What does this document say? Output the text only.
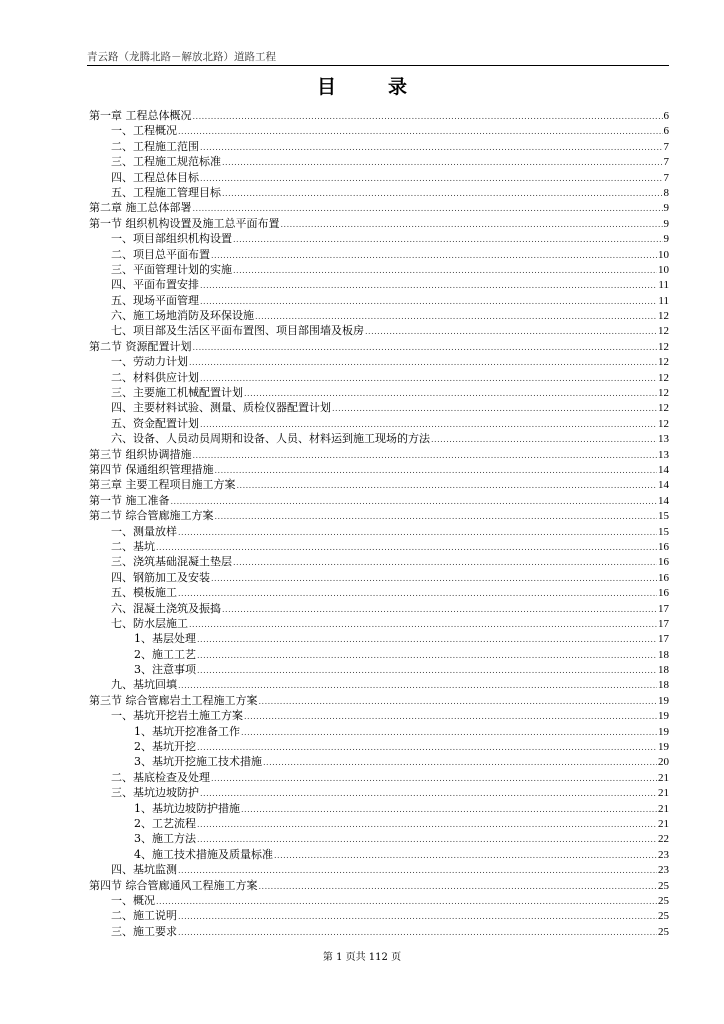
青云路（龙腾北路－解放北路）道路工程
目录
第一章 工程总体概况 .....	6
一、工程概况 .....	6
二、工程施工范围 .....	7
三、工程施工规范标准 .....	7
四、工程总体目标 .....	7
五、工程施工管理目标 .....	8
第二章 施工总体部署 .....	9
第一节 组织机构设置及施工总平面布置 .....	9
一、项目部组织机构设置 .....	9
二、项目总平面布置 .....	10
三、平面管理计划的实施 .....	10
四、平面布置安排 .....	11
五、现场平面管理 .....	11
六、施工场地消防及环保设施 .....	12
七、项目部及生活区平面布置图、项目部围墙及板房 .....	12
第二节 资源配置计划 .....	12
一、劳动力计划 .....	12
二、材料供应计划 .....	12
三、主要施工机械配置计划 .....	12
四、主要材料试验、测量、质检仪器配置计划 .....	12
五、资金配置计划 .....	12
六、设备、人员动员周期和设备、人员、材料运到施工现场的方法 .....	13
第三节 组织协调措施 .....	13
第四节 保通组织管理措施 .....	14
第三章 主要工程项目施工方案 .....	14
第一节 施工准备 .....	14
第二节 综合管廊施工方案 .....	15
一、测量放样 .....	15
二、基坑 .....	16
三、浇筑基础混凝土垫层 .....	16
四、钢筋加工及安装 .....	16
五、模板施工 .....	16
六、混凝土浇筑及振捣 .....	17
七、防水层施工 .....	17
1、基层处理 .....	17
2、施工工艺 .....	18
3、注意事项 .....	18
九、基坑回填 .....	18
第三节 综合管廊岩土工程施工方案 .....	19
一、基坑开挖岩土施工方案 .....	19
1、基坑开挖准备工作 .....	19
2、基坑开挖 .....	19
3、基坑开挖施工技术措施 .....	20
二、基底检查及处理 .....	21
三、基坑边坡防护 .....	21
1、基坑边坡防护措施 .....	21
2、工艺流程 .....	21
3、施工方法 .....	22
4、施工技术措施及质量标准 .....	23
四、基坑监测 .....	23
第四节 综合管廊通风工程施工方案 .....	25
一、概况 .....	25
二、施工说明 .....	25
三、施工要求 .....	25
第 1 页共 112 页
